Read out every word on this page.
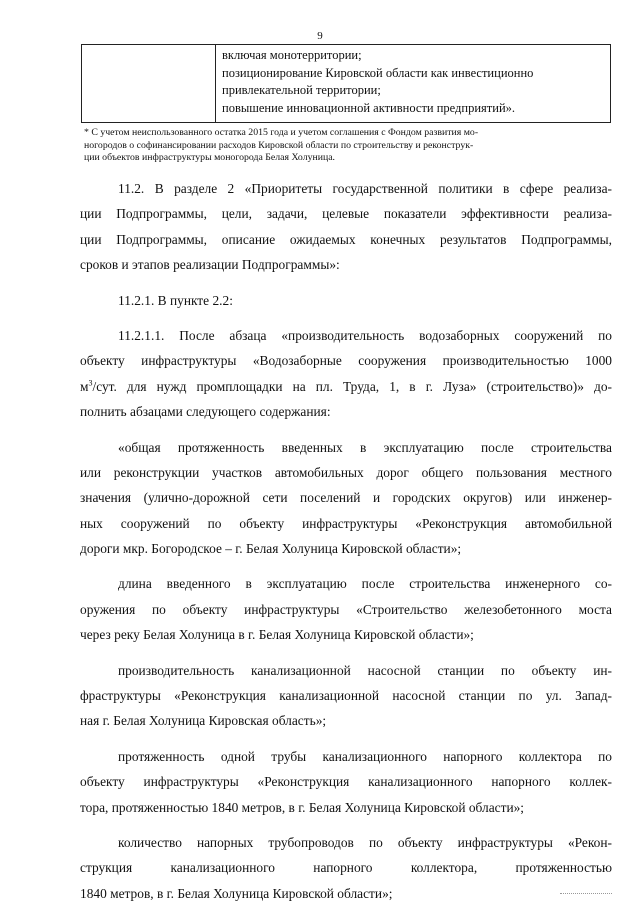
9

включая монотерритории;
позиционирование Кировской области как инвестиционно
привлекательной территории;
повышение инновационной активности предприятий».
* С учетом неиспользованного остатка 2015 года и учетом соглашения с Фондом развития мо-
ногородов о софинансировании расходов Кировской области по строительству и реконструк-
ции объектов инфраструктуры моногорода Белая Холуница.
11.2. В разделе 2 «Приоритеты государственной политики в сфере реализа-
ции Подпрограммы, цели, задачи, целевые показатели эффективности реализа-
ции Подпрограммы, описание ожидаемых конечных результатов Подпрограммы,
сроков и этапов реализации Подпрограммы»:
11.2.1. В пункте 2.2:
11.2.1.1. После абзаца «производительность водозаборных сооружений по
объекту инфраструктуры «Водозаборные сооружения производительностью 1000
$м^3$/сут. для нужд промплощадки на пл. Труда, 1, в г. Луза» (строительство)» до-
полнить абзацами следующего содержания:
«общая протяженность введенных в эксплуатацию после строительства
или реконструкции участков автомобильных дорог общего пользования местного
значения (улично-дорожной сети поселений и городских округов) или инженер-
ных сооружений по объекту инфраструктуры «Реконструкция автомобильной
дороги мкр. Богородское – г. Белая Холуница Кировской области»;
длина введенного в эксплуатацию после строительства инженерного со-
оружения по объекту инфраструктуры «Строительство железобетонного моста
через реку Белая Холуница в г. Белая Холуница Кировской области»;
производительность канализационной насосной станции по объекту ин-
фраструктуры «Реконструкция канализационной насосной станции по ул. Запад-
ная г. Белая Холуница Кировская область»;
протяженность одной трубы канализационного напорного коллектора по
объекту инфраструктуры «Реконструкция канализационного напорного коллек-
тора, протяженностью 1840 метров, в г. Белая Холуница Кировской области»;
количество напорных трубопроводов по объекту инфраструктуры «Рекон-
струкция канализационного напорного коллектора, протяженностью
1840 метров, в г. Белая Холуница Кировской области»;
